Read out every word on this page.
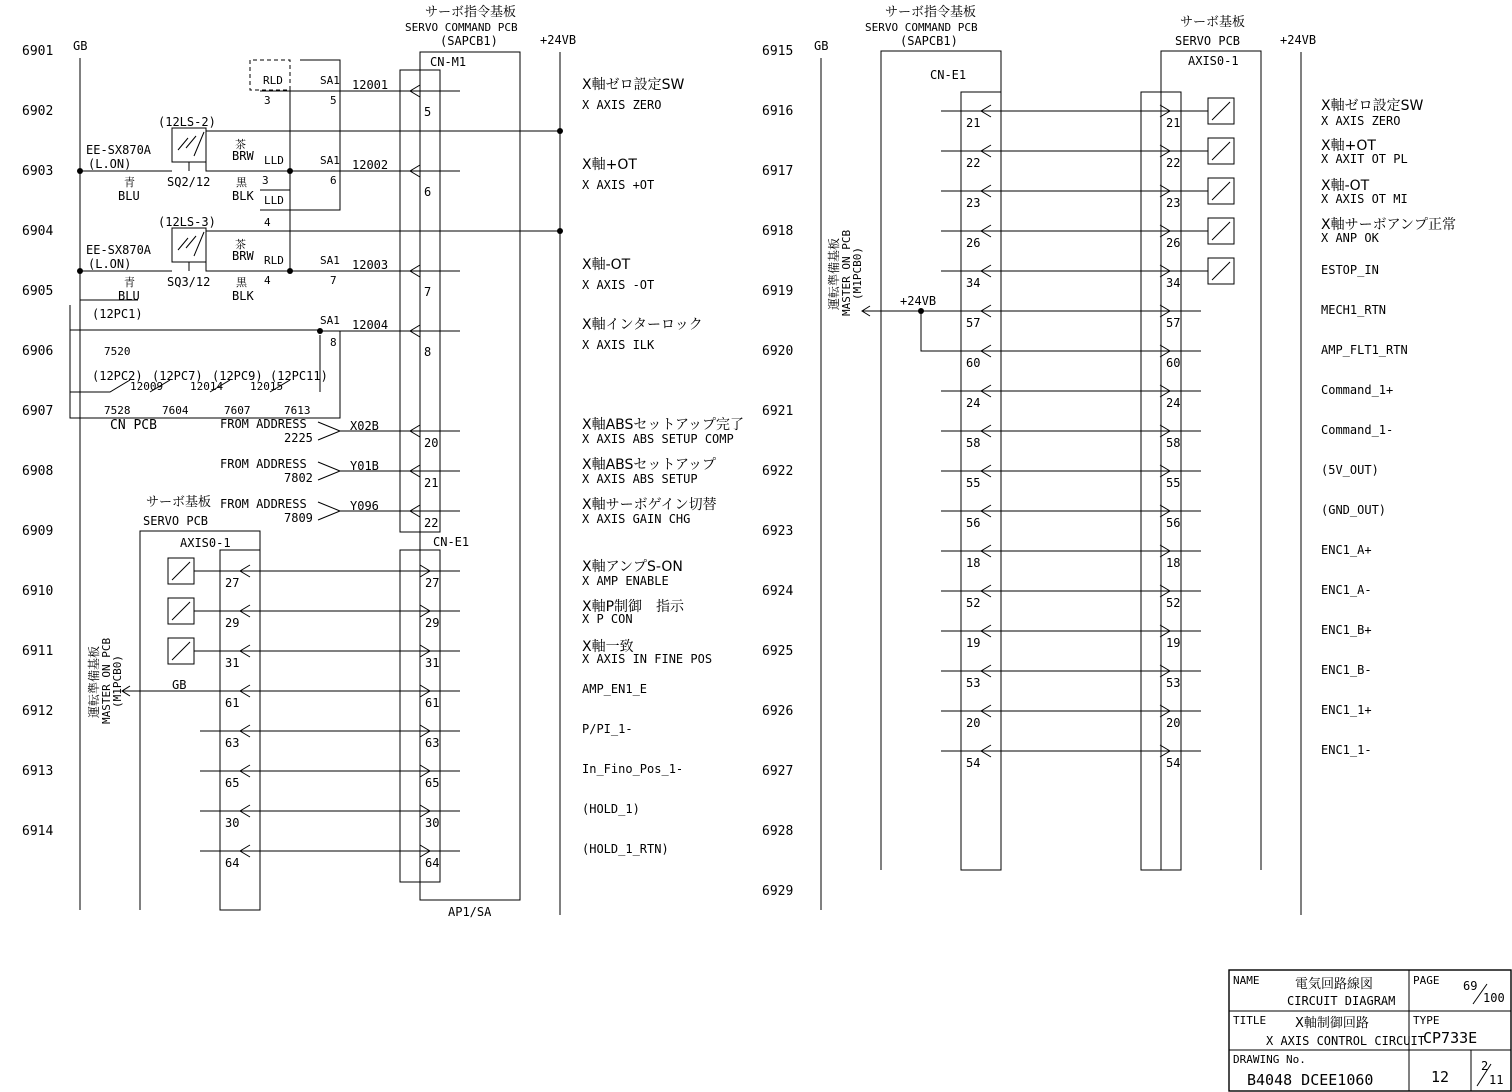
6901
6902
6903
6904
6905
6906
6907
6908
6909
6910
6911
6912
6913
6914
GB	+24VB
サーボ指令基板
SERVO COMMAND PCB
(SAPCB1)
CN-M1
CN-E1
AP1/SA
5
6
7
8
20
21
22
12001
12002
12003
12004
(12LS-2)
EE-SX870A
(L.ON)
SQ2/12
青
BLU
茶
BRW
黒
BLK
(12LS-3)
EE-SX870A
(L.ON)
SQ3/12
青
BLU
茶
BRW
黒
BLK
RLD	SA1
3	5
LLD	SA1
3	6
LLD
4
RLD	SA1
4	7
SA1
8
(12PC1)
7520
(12PC2) (12PC7) (12PC9) (12PC11)
12009 12014 12015
7528	7604	7607	7613
CN PCB	FROM ADDRESS
2225
X02B
FROM ADDRESS
7802
Y01B
FROM ADDRESS
7809
Y096
サーボ基板
SERVO PCB
AXIS0-1
運転準備基板 MASTER ON PCB
(M1PCB0)	GB
27	27
29	29
31	31
61	61
63	63
65	65
30	30
64	64
X軸ゼロ設定SW
X AXIS ZERO
X軸+OT
X AXIS +OT
X軸-OT
X AXIS -OT
X軸インターロック
X AXIS ILK
X軸ABSセットアップ完了
X AXIS ABS SETUP COMP
X軸ABSセットアップ
X AXIS ABS SETUP
X軸サーボゲイン切替
X AXIS GAIN CHG
X軸アンプS-ON
X AMP ENABLE
X軸P制御　指示
X P CON
X軸一致
X AXIS IN FINE POS
AMP_EN1_E
P/PI_1-
In_Fino_Pos_1-
(HOLD_1)
(HOLD_1_RTN)
6915
6916
6917
6918
6919
6920
6921
6922
6923
6924
6925
6926
6927
6928
6929
GB	+24VB
サーボ指令基板
SERVO COMMAND PCB
(SAPCB1)
CN-E1
サーボ基板
SERVO PCB
AXIS0-1
運転準備基板 MASTER ON PCB
(M1PCB0)
+24VB
21	21
22	22
23	23
26	26
34	34
57	57
60	60
24	24
58	58
55	55
56	56
18	18
52	52
19	19
53	53
20	20
54	54
X軸ゼロ設定SW
X AXIS ZERO
X軸+OT
X AXIT OT PL
X軸-OT
X AXIS OT MI
X軸サーボアンプ正常
X ANP OK
ESTOP_IN
MECH1_RTN
AMP_FLT1_RTN
Command_1+
Command_1-
(5V_OUT)
(GND_OUT)
ENC1_A+
ENC1_A-
ENC1_B+
ENC1_B-
ENC1_1+
ENC1_1-
NAME	電気回路線図
CIRCUIT DIAGRAM
PAGE 69
100
TITLE X軸制御回路
X AXIS CONTROL CIRCUIT
TYPE
CP733E
DRAWING No.
B4048 DCEE1060	12
2
11
